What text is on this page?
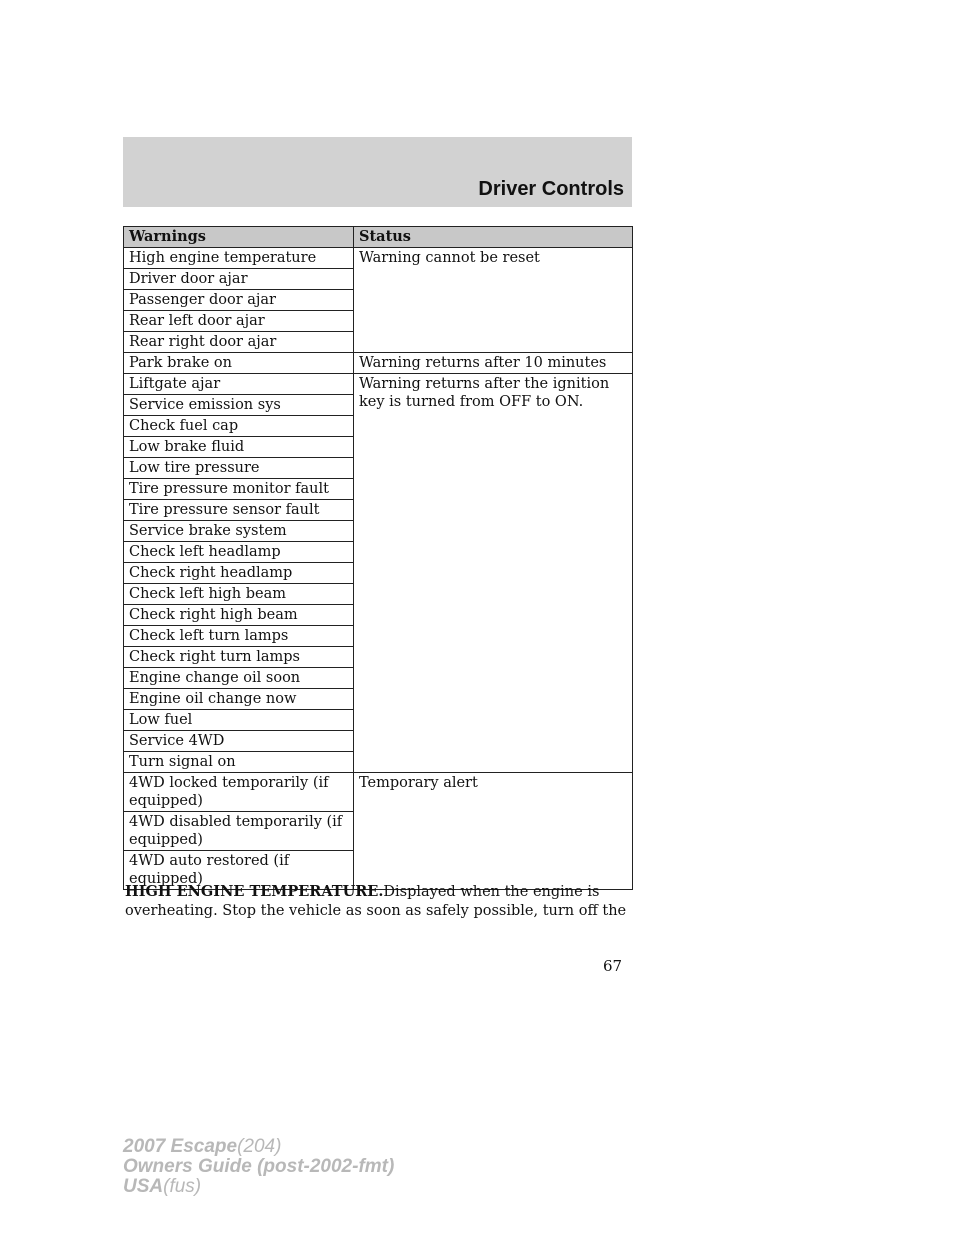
Driver Controls
Warnings	Status
High engine temperature	Warning cannot be reset
Driver door ajar	
Passenger door ajar	
Rear left door ajar	
Rear right door ajar	
Park brake on	Warning returns after 10 minutes
Liftgate ajar	Warning returns after the ignition key is turned from OFF to ON.
Service emission sys	
Check fuel cap	
Low brake fluid	
Low tire pressure	
Tire pressure monitor fault	
Tire pressure sensor fault	
Service brake system	
Check left headlamp	
Check right headlamp	
Check left high beam	
Check right high beam	
Check left turn lamps	
Check right turn lamps	
Engine change oil soon	
Engine oil change now	
Low fuel	
Service 4WD	
Turn signal on	
4WD locked temporarily (if equipped)	Temporary alert
4WD disabled temporarily (if equipped)	
4WD auto restored (if equipped)	

HIGH ENGINE TEMPERATURE.Displayed when the engine is overheating. Stop the vehicle as soon as safely possible, turn off the

67
2007 Escape(204)
Owners Guide (post-2002-fmt)
USA(fus)
